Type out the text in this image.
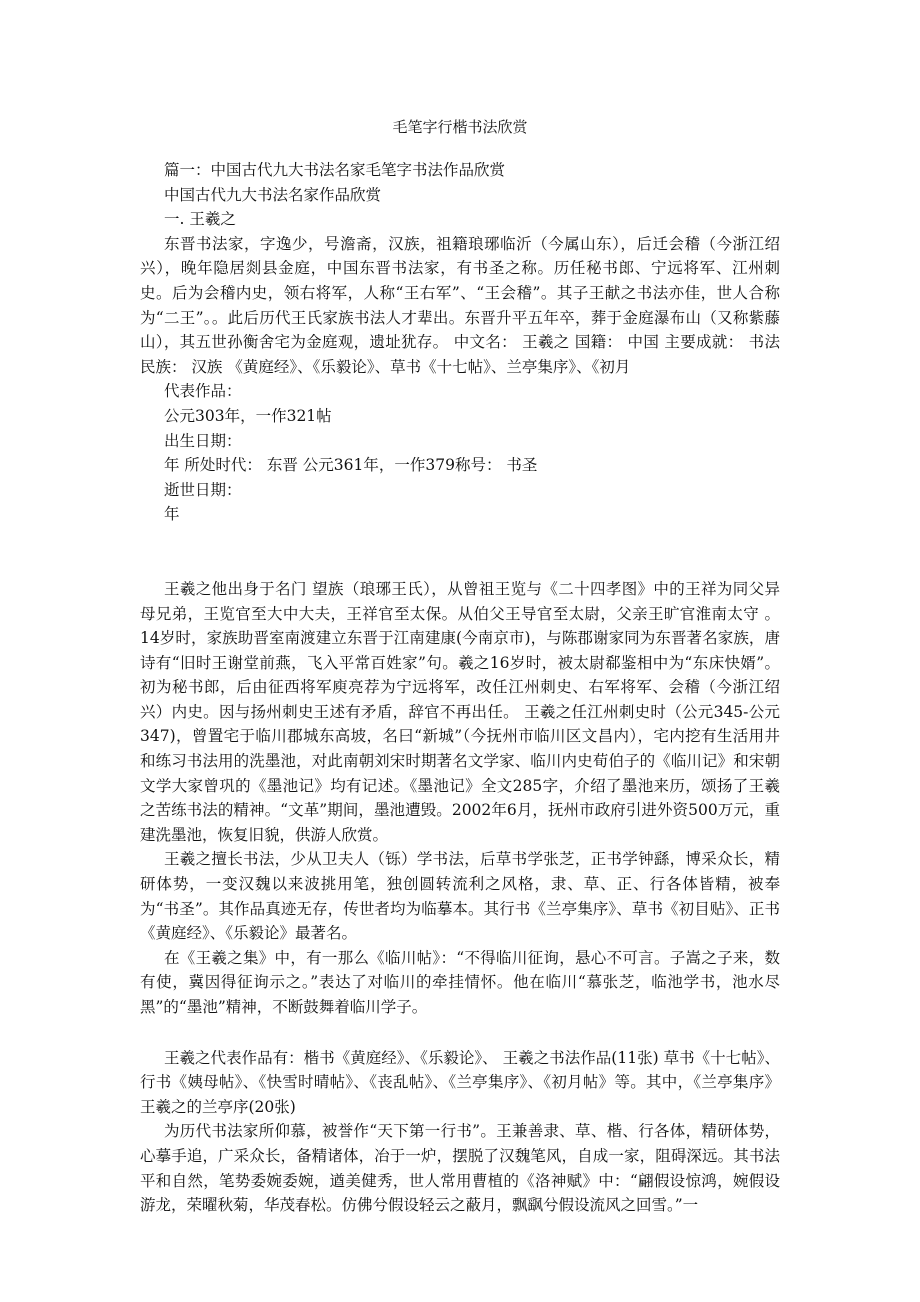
毛笔字行楷书法欣赏

篇一：中国古代九大书法名家毛笔字书法作品欣赏

中国古代九大书法名家作品欣赏

一. 王羲之

东晋书法家，字逸少，号澹斋，汉族，祖籍琅琊临沂（今属山东），后迁会稽（今浙江绍兴），晚年隐居剡县金庭，中国东晋书法家，有书圣之称。历任秘书郎、宁远将军、江州刺史。后为会稽内史，领右将军，人称“王右军”、“王会稽”。其子王献之书法亦佳，世人合称为“二王”。。此后历代王氏家族书法人才辈出。东晋升平五年卒，葬于金庭瀑布山（又称紫藤山），其五世孙衡舍宅为金庭观，遗址犹存。 中文名： 王羲之 国籍： 中国 主要成就： 书法 民族： 汉族 《黄庭经》、《乐毅论》、草书《十七帖》、兰亭集序》、《初月

代表作品：

公元303年，一作321帖

出生日期：

年 所处时代： 东晋 公元361年，一作379称号： 书圣

逝世日期：

年

王羲之他出身于名门 望族（琅琊王氏），从曾祖王览与《二十四孝图》中的王祥为同父异母兄弟，王览官至大中大夫，王祥官至太保。从伯父王导官至太尉，父亲王旷官淮南太守 。14岁时，家族助晋室南渡建立东晋于江南建康(今南京市)，与陈郡谢家同为东晋著名家族，唐诗有“旧时王谢堂前燕，飞入平常百姓家”句。羲之16岁时，被太尉郗鉴相中为“东床快婿”。初为秘书郎，后由征西将军庾亮荐为宁远将军，改任江州刺史、右军将军、会稽（今浙江绍兴）内史。因与扬州刺史王述有矛盾，辞官不再出任。 王羲之任江州刺史时（公元345-公元347)，曾置宅于临川郡城东高坡，名曰“新城”（今抚州市临川区文昌内），宅内挖有生活用井和练习书法用的洗墨池，对此南朝刘宋时期著名文学家、临川内史荀伯子的《临川记》和宋朝文学大家曾巩的《墨池记》均有记述。《墨池记》全文285字，介绍了墨池来历，颂扬了王羲之苦练书法的精神。“文革”期间，墨池遭毁。2002年6月，抚州市政府引进外资500万元，重建洗墨池，恢复旧貌，供游人欣赏。

王羲之擅长书法，少从卫夫人（铄）学书法，后草书学张芝，正书学钟繇，博采众长，精研体势，一变汉魏以来波挑用笔，独创圆转流利之风格，隶、草、正、行各体皆精，被奉为“书圣”。其作品真迹无存，传世者均为临摹本。其行书《兰亭集序》、草书《初目贴》、正书《黄庭经》、《乐毅论》最著名。

在《王羲之集》中，有一那么《临川帖》：“不得临川征询，悬心不可言。子嵩之子来，数有使，冀因得征询示之。”表达了对临川的牵挂情怀。他在临川“慕张芝，临池学书，池水尽黑”的“墨池”精神，不断鼓舞着临川学子。

王羲之代表作品有：楷书《黄庭经》、《乐毅论》、 王羲之书法作品(11张) 草书《十七帖》、行书《姨母帖》、《快雪时晴帖》、《丧乱帖》、《兰亭集序》、《初月帖》等。其中，《兰亭集序》 王羲之的兰亭序(20张)

为历代书法家所仰慕，被誉作“天下第一行书”。王兼善隶、草、楷、行各体，精研体势，心摹手追，广采众长，备精诸体，冶于一炉，摆脱了汉魏笔风，自成一家，阻碍深远。其书法平和自然，笔势委婉委婉，遒美健秀，世人常用曹植的《洛神赋》中：“翩假设惊鸿，婉假设游龙，荣曜秋菊，华茂春松。仿佛兮假设轻云之蔽月，飘飖兮假设流风之回雪。”一
